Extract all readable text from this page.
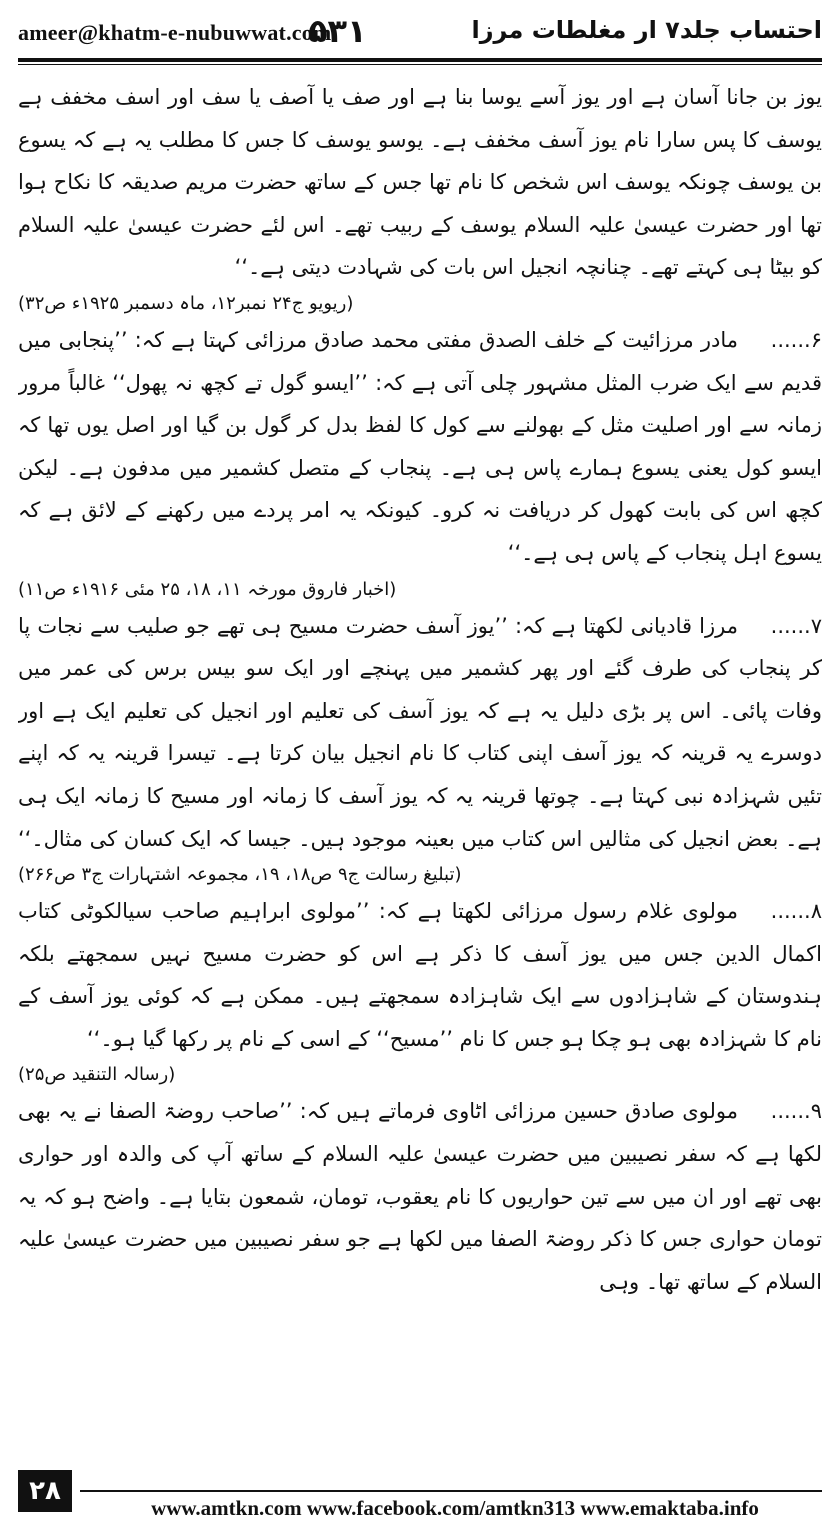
ameer@khatm-e-nubuwwat.com
۵۳۱	احتساب جلد۷ ار مغلطات مرزا

یوز بن جانا آسان ہے اور یوز آسے یوسا بنا ہے اور صف یا آصف یا سف اور اسف مخفف ہے یوسف کا پس سارا نام یوز آسف مخفف ہے۔ یوسو یوسف کا جس کا مطلب یہ ہے کہ یسوع بن یوسف چونکہ یوسف اس شخص کا نام تھا جس کے ساتھ حضرت مریم صدیقہ کا نکاح ہوا تھا اور حضرت عیسیٰ علیہ السلام یوسف کے ربیب تھے۔ اس لئے حضرت عیسیٰ علیہ السلام کو بیٹا ہی کہتے تھے۔ چنانچہ انجیل اس بات کی شہادت دیتی ہے۔‘‘

(ریویو ج۲۴ نمبر۱۲، ماہ دسمبر ۱۹۲۵ء ص۳۲)

۶......مادر مرزائیت کے خلف الصدق مفتی محمد صادق مرزائی کہتا ہے کہ: ’’پنجابی میں قدیم سے ایک ضرب المثل مشہور چلی آتی ہے کہ: ’’ایسو گول تے کچھ نہ پھول‘‘ غالباً مرور زمانہ سے اور اصلیت مثل کے بھولنے سے کول کا لفظ بدل کر گول بن گیا اور اصل یوں تھا کہ ایسو کول یعنی یسوع ہمارے پاس ہی ہے۔ پنجاب کے متصل کشمیر میں مدفون ہے۔ لیکن کچھ اس کی بابت کھول کر دریافت نہ کرو۔ کیونکہ یہ امر پردے میں رکھنے کے لائق ہے کہ یسوع اہل پنجاب کے پاس ہی ہے۔‘‘

(اخبار فاروق مورخہ ۱۱، ۱۸، ۲۵ مئی ۱۹۱۶ء ص۱۱)

۷......مرزا قادیانی لکھتا ہے کہ: ’’یوز آسف حضرت مسیح ہی تھے جو صلیب سے نجات پا کر پنجاب کی طرف گئے اور پھر کشمیر میں پہنچے اور ایک سو بیس برس کی عمر میں وفات پائی۔ اس پر بڑی دلیل یہ ہے کہ یوز آسف کی تعلیم اور انجیل کی تعلیم ایک ہے اور دوسرے یہ قرینہ کہ یوز آسف اپنی کتاب کا نام انجیل بیان کرتا ہے۔ تیسرا قرینہ یہ کہ اپنے تئیں شہزادہ نبی کہتا ہے۔ چوتھا قرینہ یہ کہ یوز آسف کا زمانہ اور مسیح کا زمانہ ایک ہی ہے۔ بعض انجیل کی مثالیں اس کتاب میں بعینہ موجود ہیں۔ جیسا کہ ایک کسان کی مثال۔‘‘

(تبلیغ رسالت ج۹ ص۱۸، ۱۹، مجموعہ اشتہارات ج۳ ص۲۶۶)

۸......مولوی غلام رسول مرزائی لکھتا ہے کہ: ’’مولوی ابراہیم صاحب سیالکوٹی کتاب اکمال الدین جس میں یوز آسف کا ذکر ہے اس کو حضرت مسیح نہیں سمجھتے بلکہ ہندوستان کے شاہزادوں سے ایک شاہزادہ سمجھتے ہیں۔ ممکن ہے کہ کوئی یوز آسف کے نام کا شہزادہ بھی ہو چکا ہو جس کا نام ’’مسیح‘‘ کے اسی کے نام پر رکھا گیا ہو۔‘‘

(رسالہ التنقید ص۲۵)

۹......مولوی صادق حسین مرزائی اٹاوی فرماتے ہیں کہ: ’’صاحب روضۃ الصفا نے یہ بھی لکھا ہے کہ سفر نصیبین میں حضرت عیسیٰ علیہ السلام کے ساتھ آپ کی والدہ اور حواری بھی تھے اور ان میں سے تین حواریوں کا نام یعقوب، تومان، شمعون بتایا ہے۔ واضح ہو کہ یہ تومان حواری جس کا ذکر روضۃ الصفا میں لکھا ہے جو سفر نصیبین میں حضرت عیسیٰ علیہ السلام کے ساتھ تھا۔ وہی

۲۸
www.amtkn.com www.facebook.com/amtkn313 www.emaktaba.info
